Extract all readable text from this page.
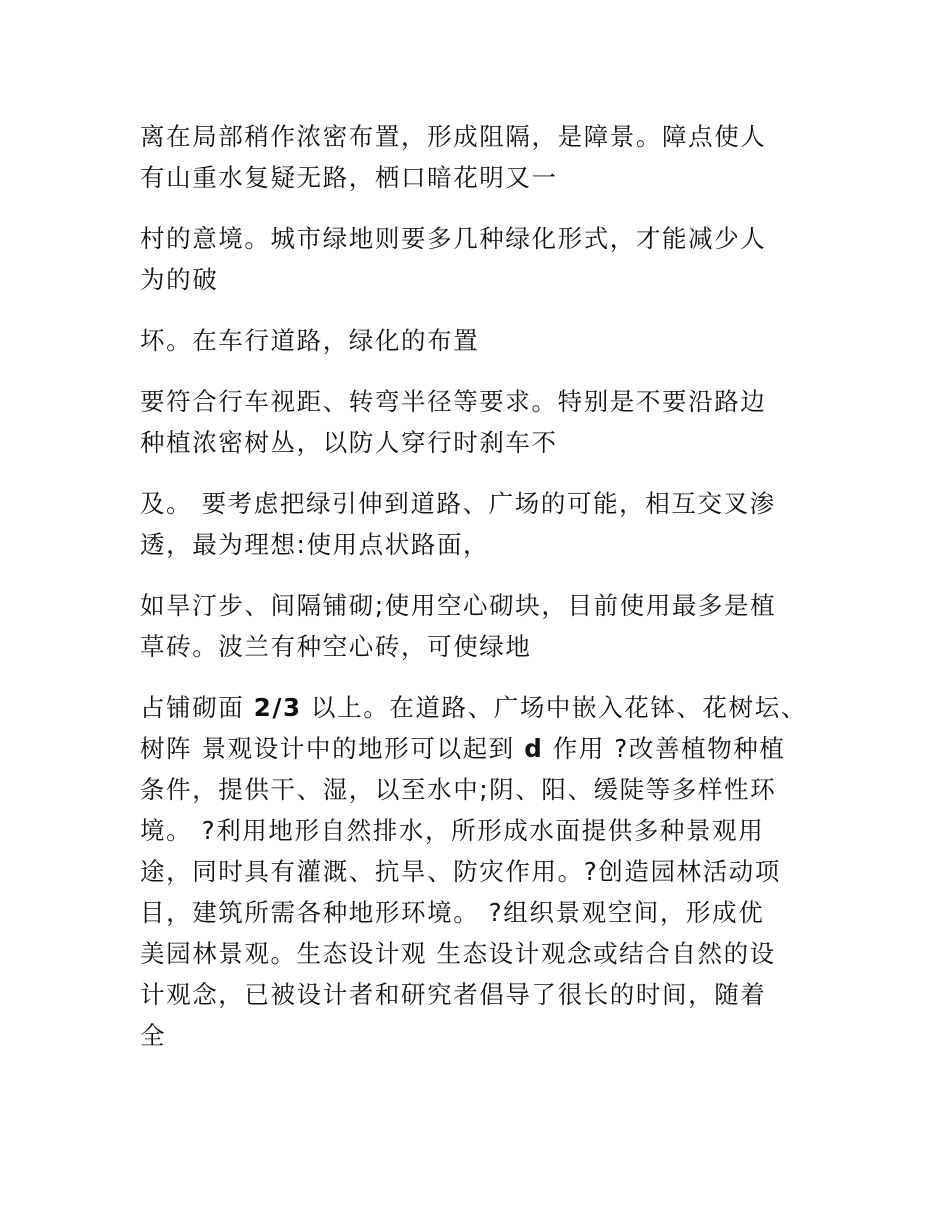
离在局部稍作浓密布置，形成阻隔，是障景。障点使人
有山重水复疑无路，栖口暗花明又一

村的意境。城市绿地则要多几种绿化形式，才能减少人
为的破

坏。在车行道路，绿化的布置

要符合行车视距、转弯半径等要求。特别是不要沿路边
种植浓密树丛，以防人穿行时刹车不

及。 要考虑把绿引伸到道路、广场的可能，相互交叉渗
透，最为理想:使用点状路面，

如旱汀步、间隔铺砌;使用空心砌块，目前使用最多是植
草砖。波兰有种空心砖，可使绿地

占铺砌面 2/3 以上。在道路、广场中嵌入花钵、花树坛、
树阵 景观设计中的地形可以起到 d 作用 ?改善植物种植
条件，提供干、湿，以至水中;阴、阳、缓陡等多样性环
境。 ?利用地形自然排水，所形成水面提供多种景观用
途，同时具有灌溉、抗旱、防灾作用。?创造园林活动项
目，建筑所需各种地形环境。 ?组织景观空间，形成优
美园林景观。生态设计观 生态设计观念或结合自然的设
计观念，已被设计者和研究者倡导了很长的时间，随着
全
